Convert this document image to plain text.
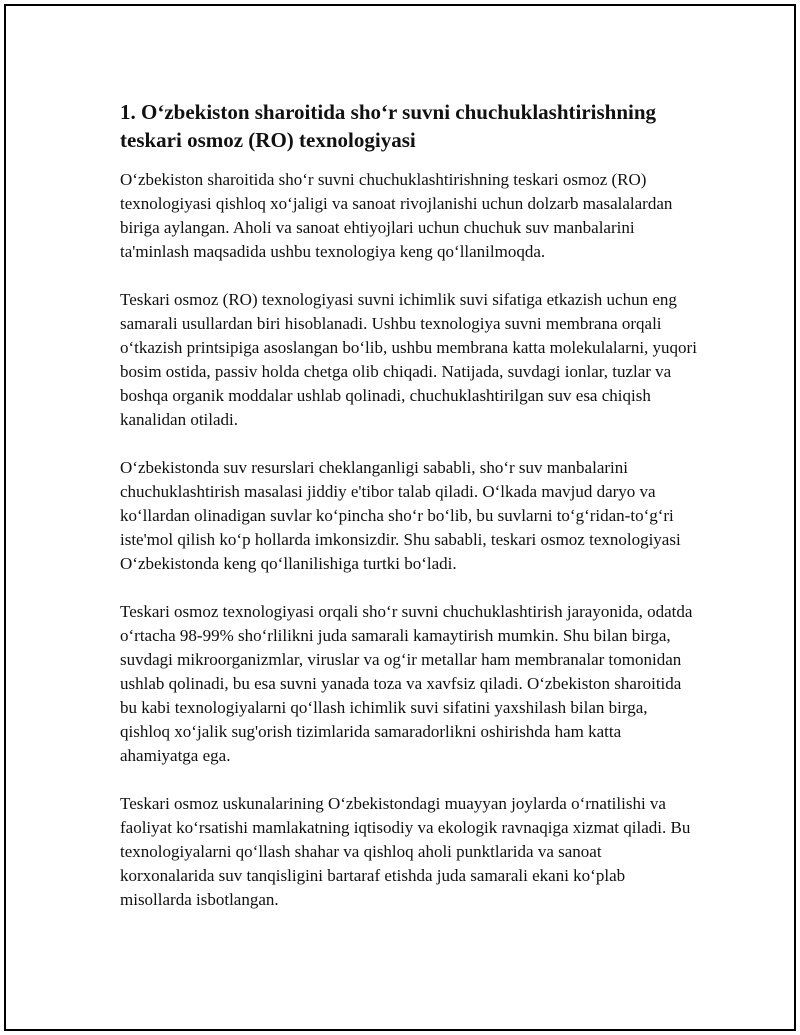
1. O‘zbekiston sharoitida sho‘r suvni chuchuklashtirishning teskari osmoz (RO) texnologiyasi

O‘zbekiston sharoitida sho‘r suvni chuchuklashtirishning teskari osmoz (RO) texnologiyasi qishloq xo‘jaligi va sanoat rivojlanishi uchun dolzarb masalalardan biriga aylangan. Aholi va sanoat ehtiyojlari uchun chuchuk suv manbalarini ta'minlash maqsadida ushbu texnologiya keng qo‘llanilmoqda.

Teskari osmoz (RO) texnologiyasi suvni ichimlik suvi sifatiga etkazish uchun eng samarali usullardan biri hisoblanadi. Ushbu texnologiya suvni membrana orqali o‘tkazish printsipiga asoslangan bo‘lib, ushbu membrana katta molekulalarni, yuqori bosim ostida, passiv holda chetga olib chiqadi. Natijada, suvdagi ionlar, tuzlar va boshqa organik moddalar ushlab qolinadi, chuchuklashtirilgan suv esa chiqish kanalidan otiladi.

O‘zbekistonda suv resurslari cheklanganligi sababli, sho‘r suv manbalarini chuchuklashtirish masalasi jiddiy e'tibor talab qiladi. O‘lkada mavjud daryo va ko‘llardan olinadigan suvlar ko‘pincha sho‘r bo‘lib, bu suvlarni to‘g‘ridan-to‘g‘ri iste'mol qilish ko‘p hollarda imkonsizdir. Shu sababli, teskari osmoz texnologiyasi O‘zbekistonda keng qo‘llanilishiga turtki bo‘ladi.

Teskari osmoz texnologiyasi orqali sho‘r suvni chuchuklashtirish jarayonida, odatda o‘rtacha 98-99% sho‘rlilikni juda samarali kamaytirish mumkin. Shu bilan birga, suvdagi mikroorganizmlar, viruslar va og‘ir metallar ham membranalar tomonidan ushlab qolinadi, bu esa suvni yanada toza va xavfsiz qiladi. O‘zbekiston sharoitida bu kabi texnologiyalarni qo‘llash ichimlik suvi sifatini yaxshilash bilan birga, qishloq xo‘jalik sug'orish tizimlarida samaradorlikni oshirishda ham katta ahamiyatga ega.

Teskari osmoz uskunalarining O‘zbekistondagi muayyan joylarda o‘rnatilishi va faoliyat ko‘rsatishi mamlakatning iqtisodiy va ekologik ravnaqiga xizmat qiladi. Bu texnologiyalarni qo‘llash shahar va qishloq aholi punktlarida va sanoat korxonalarida suv tanqisligini bartaraf etishda juda samarali ekani ko‘plab misollarda isbotlangan.
